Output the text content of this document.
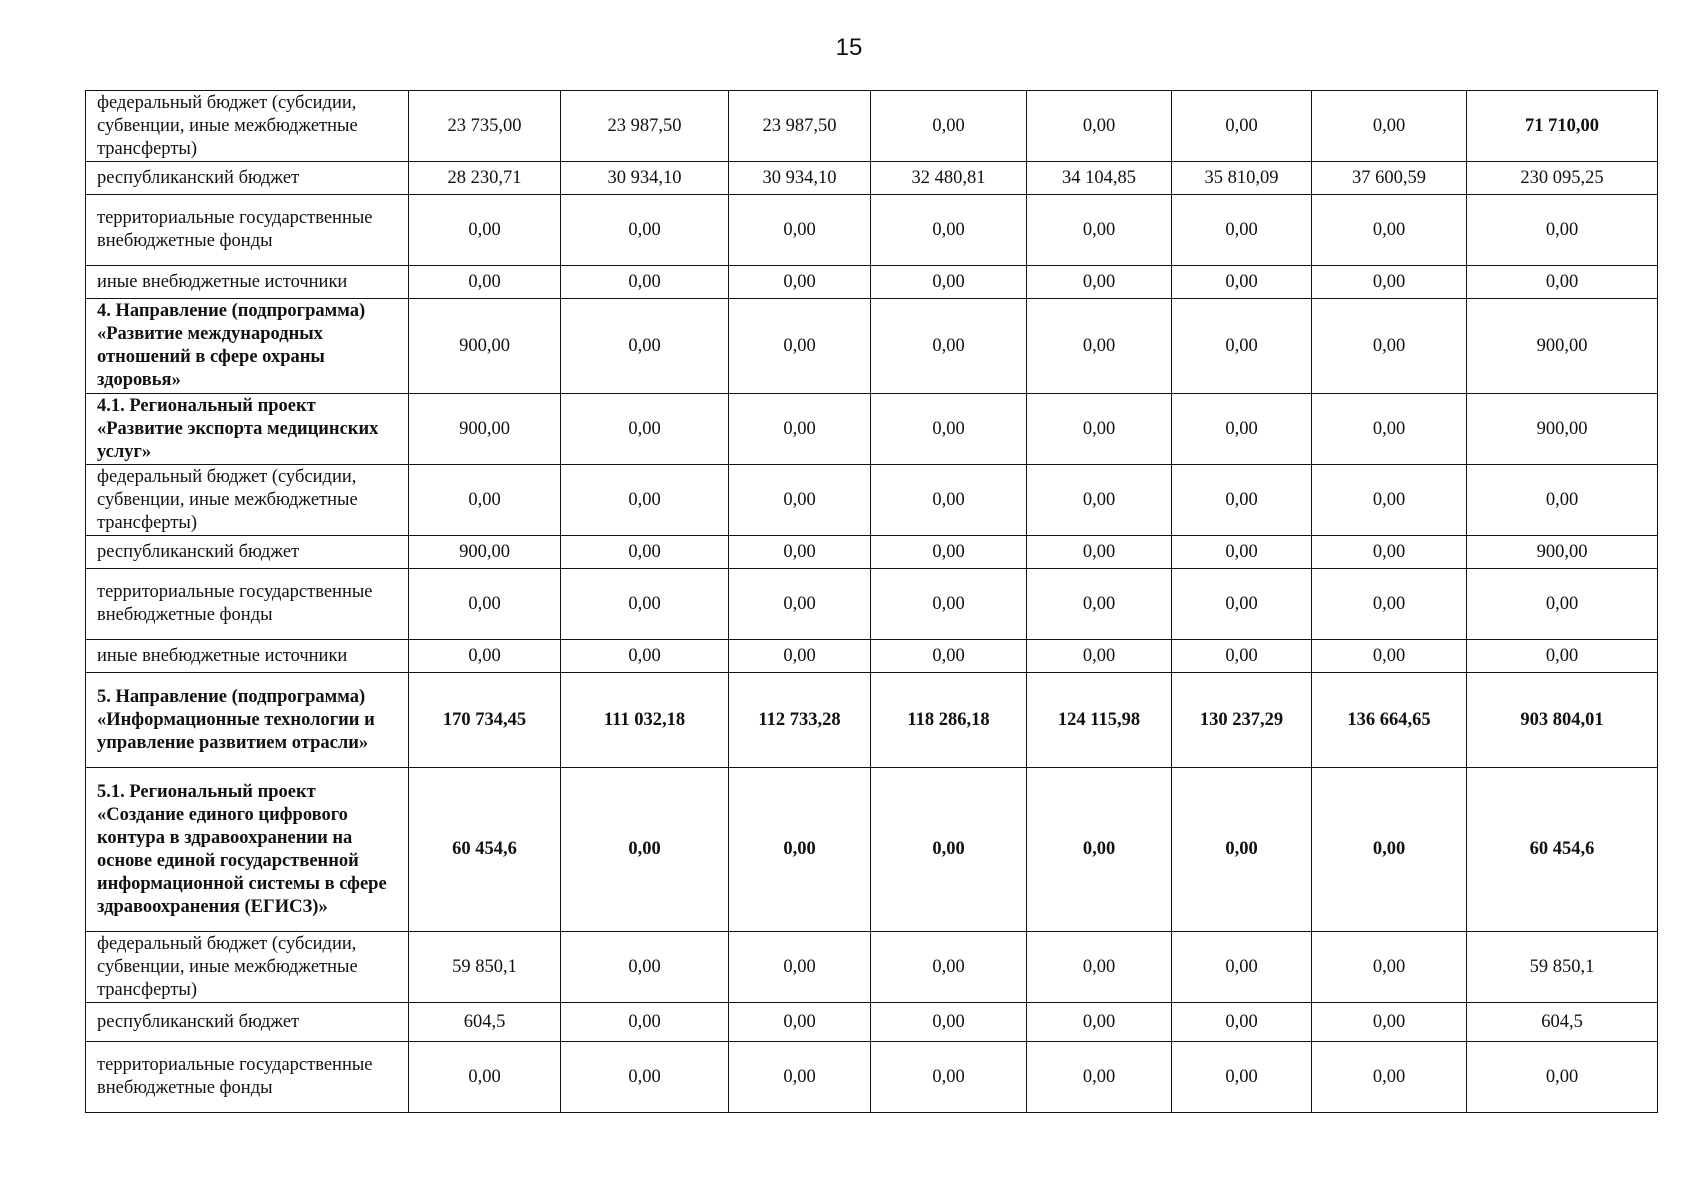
15
федеральный бюджет (субсидии, субвенции, иные межбюджетные трансферты)	23 735,00	23 987,50	23 987,50	0,00	0,00	0,00	0,00	71 710,00
республиканский бюджет	28 230,71	30 934,10	30 934,10	32 480,81	34 104,85	35 810,09	37 600,59	230 095,25
территориальные государственные внебюджетные фонды	0,00	0,00	0,00	0,00	0,00	0,00	0,00	0,00
иные внебюджетные источники	0,00	0,00	0,00	0,00	0,00	0,00	0,00	0,00
4. Направление (подпрограмма) «Развитие международных отношений в сфере охраны здоровья»	900,00	0,00	0,00	0,00	0,00	0,00	0,00	900,00
4.1. Региональный проект «Развитие экспорта медицинских услуг»	900,00	0,00	0,00	0,00	0,00	0,00	0,00	900,00
федеральный бюджет (субсидии, субвенции, иные межбюджетные трансферты)	0,00	0,00	0,00	0,00	0,00	0,00	0,00	0,00
республиканский бюджет	900,00	0,00	0,00	0,00	0,00	0,00	0,00	900,00
территориальные государственные внебюджетные фонды	0,00	0,00	0,00	0,00	0,00	0,00	0,00	0,00
иные внебюджетные источники	0,00	0,00	0,00	0,00	0,00	0,00	0,00	0,00
5. Направление (подпрограмма) «Информационные технологии и управление развитием отрасли»	170 734,45	111 032,18	112 733,28	118 286,18	124 115,98	130 237,29	136 664,65	903 804,01
5.1. Региональный проект «Создание единого цифрового контура в здравоохранении на основе единой государственной информационной системы в сфере здравоохранения (ЕГИСЗ)»	60 454,6	0,00	0,00	0,00	0,00	0,00	0,00	60 454,6
федеральный бюджет (субсидии, субвенции, иные межбюджетные трансферты)	59 850,1	0,00	0,00	0,00	0,00	0,00	0,00	59 850,1
республиканский бюджет	604,5	0,00	0,00	0,00	0,00	0,00	0,00	604,5
территориальные государственные внебюджетные фонды	0,00	0,00	0,00	0,00	0,00	0,00	0,00	0,00
